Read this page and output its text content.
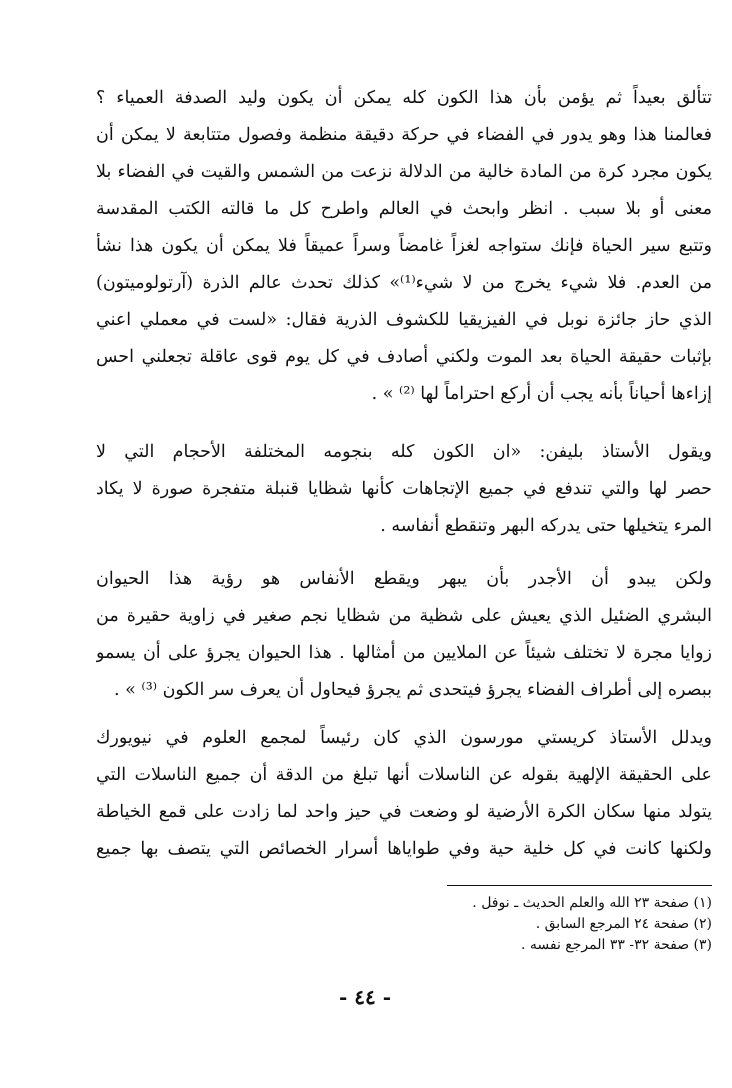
تتألق بعيداً ثم يؤمن بأن هذا الكون كله يمكن أن يكون وليد الصدفة العمياء ؟
فعالمنا هذا وهو يدور في الفضاء في حركة دقيقة منظمة وفصول متتابعة لا يمكن أن
يكون مجرد كرة من المادة خالية من الدلالة نزعت من الشمس والقيت في الفضاء بلا
معنى أو بلا سبب . انظر وابحث في العالم واطرح كل ما قالته الكتب المقدسة
وتتبع سير الحياة فإنك ستواجه لغزاً غامضاً وسراً عميقاً فلا يمكن أن يكون هذا نشأ
من العدم. فلا شيء يخرج من لا شيء⁽¹⁾» كذلك تحدث عالم الذرة (آرتولوميتون)
الذي حاز جائزة نوبل في الفيزيقيا للكشوف الذرية فقال: «لست في معملي اعني
بإثبات حقيقة الحياة بعد الموت ولكني أصادف في كل يوم قوى عاقلة تجعلني احس
إزاءها أحياناً بأنه يجب أن أركع احتراماً لها ⁽²⁾ » .
ويقول الأستاذ بليفن: «ان الكون كله بنجومه المختلفة الأحجام التي لا
حصر لها والتي تندفع في جميع الإتجاهات كأنها شظايا قنبلة متفجرة صورة لا يكاد
المرء يتخيلها حتى يدركه البهر وتنقطع أنفاسه .
ولكن يبدو أن الأجدر بأن يبهر ويقطع الأنفاس هو رؤية هذا الحيوان
البشري الضئيل الذي يعيش على شظية من شظايا نجم صغير في زاوية حقيرة من
زوايا مجرة لا تختلف شيئاً عن الملايين من أمثالها . هذا الحيوان يجرؤ على أن يسمو
ببصره إلى أطراف الفضاء يجرؤ فيتحدى ثم يجرؤ فيحاول أن يعرف سر الكون ⁽³⁾ » .
ويدلل الأستاذ كريستي مورسون الذي كان رئيساً لمجمع العلوم في نيويورك
على الحقيقة الإلهية بقوله عن الناسلات أنها تبلغ من الدقة أن جميع الناسلات التي
يتولد منها سكان الكرة الأرضية لو وضعت في حيز واحد لما زادت على قمع الخياطة
ولكنها كانت في كل خلية حية وفي طواياها أسرار الخصائص التي يتصف بها جميع
(١) صفحة ٢٣ الله والعلم الحديث ـ نوفل .
(٢) صفحة ٢٤ المرجع السابق .
(٣) صفحة ٣٢- ٣٣ المرجع نفسه .
- ٤٤ -
